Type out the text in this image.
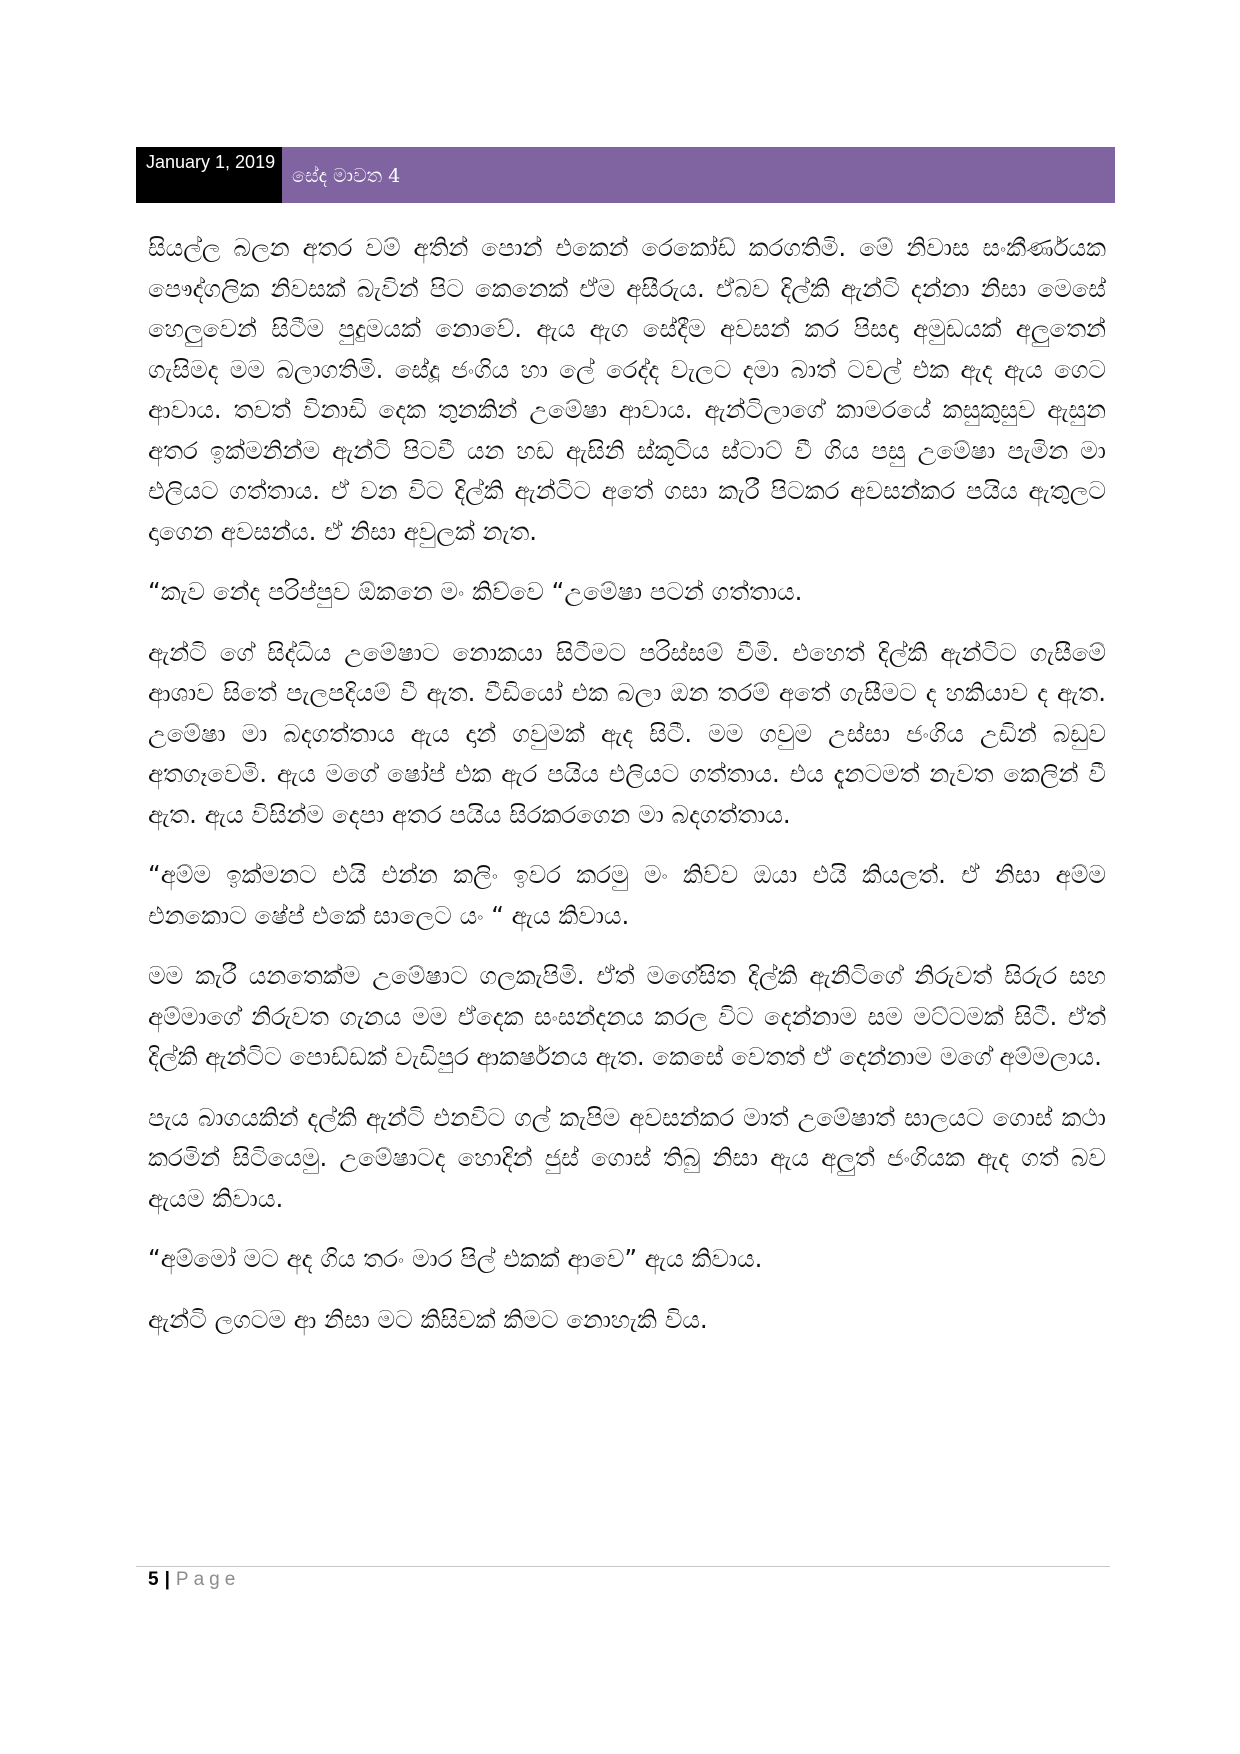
January 1, 2019
සේද මාවත 4

සියල්ල බලන අතර වම් අතින් පොන් එකෙන් රෙකෝඩ් කරගතිමි. මේ නිවාස සංකීර්ණයක පෞද්ගලික නිවසක් බැවින් පිට කෙනෙක් ඒම අසීරුය. ඒබව දිල්කි ඇන්ටි දන්නා නිසා මෙසේ හෙලුවෙන් සිටීම පුදුමයක් නොවේ. ඇය ඇග සේදීම අවසන් කර පිසදා අමුඩයක් අලුතෙන් ගැසිමද මම බලාගතිමි. සේදූ ජංගිය හා ලේ රෙද්ද වැලට දමා බාත් ටවල් එක ඇද ඇය ගෙට ආවාය. තවත් විනාඩි දෙක තුනකින් උමේෂා ආවාය. ඇන්ටිලාගේ කාමරයේ කසුකුසුව ඇසුන අතර ඉක්මනින්ම ඇන්ටි පිටවී යන හඩ ඇසිනි ස්කූටිය ස්ටාට් වී ගිය පසු උමේෂා පැමින මා එලියට ගත්තාය. ඒ වන විට දිල්කි ඇන්ටිට අතේ ගසා කැරී පිටකර අවසන්කර පයිය ඇතුලට දාගෙන අවසන්ය. ඒ නිසා අවුලක් නැත.

“කැව නේද පරිප්පුව ඕකනෙ මං කිව්වෙ “උමේෂා පටන් ගත්තාය.

ඇන්ටි ගේ සිද්ධිය උමේෂාට නොකයා සිටීමට පරිස්සම් වීමි. එහෙත් දිල්කි ඇන්ටිට ගැසීමේ ආශාව සිතේ පැලපදියම් වී ඇත. වීඩියෝ එක බලා ඔන තරම් අතේ ගැසීමට ද හකියාව ද ඇත. උමේෂා මා බදගත්තාය ඇය දාන් ගවුමක් ඇද සිටී. මම ගවුම උස්සා ජංගිය උඩින් බඩුව අතගෑවෙමි. ඇය මගේ ෂෝප් එක ඇර පයිය එලියට ගත්තාය. එය දැනටමත් නැවත කෙලින් වී ඇත. ඇය විසින්ම දෙපා අතර පයිය සිරකරගෙන මා බදගත්තාය.

“අම්ම ඉක්මනට එයි එන්න කලිං ඉවර කරමු මං කිව්ව ඔයා එයි කියලත්. ඒ නිසා අම්ම එනකොට ෂේප් එකේ සාලෙට යං “ ඇය කිවාය.

මම කැරී යනතෙක්ම උමේෂාට ගලකැපිමි. ඒත් මගේසිත දිල්කි ඇනිටිගේ නිරුවත් සිරුර සහ අම්මාගේ නිරුවත ගැනය මම ඒදෙක සංසන්දනය කරල විට දෙන්නාම සම මට්ටමක් සිටී. ඒත් දිල්කි ඇන්ටිට පොඩ්ඩක් වැඩිපුර ආකර්ෂනය ඇත. කෙසේ වෙතත් ඒ දෙන්නාම මගේ අම්මලාය.

පැය බාගයකින් දල්කි ඇන්ටි එනවිට ගල් කැපිම අවසන්කර මාත් උමේෂාත් සාලයට ගොස් කථා කරමින් සිටියෙමු. උමේෂාටද හොදින් ජුස් ගොස් තිබු නිසා ඇය අලුත් ජංගියක ඇද ගත් බව ඇයම කිවාය.

“අම්මෝ මට අද ගිය තරං මාර පිල් එකක් ආවෙ” ඇය කිවාය.

ඇන්ටි ලගටම ආ නිසා මට කිසිවක් කිමට නොහැකි විය.

5 | Page
